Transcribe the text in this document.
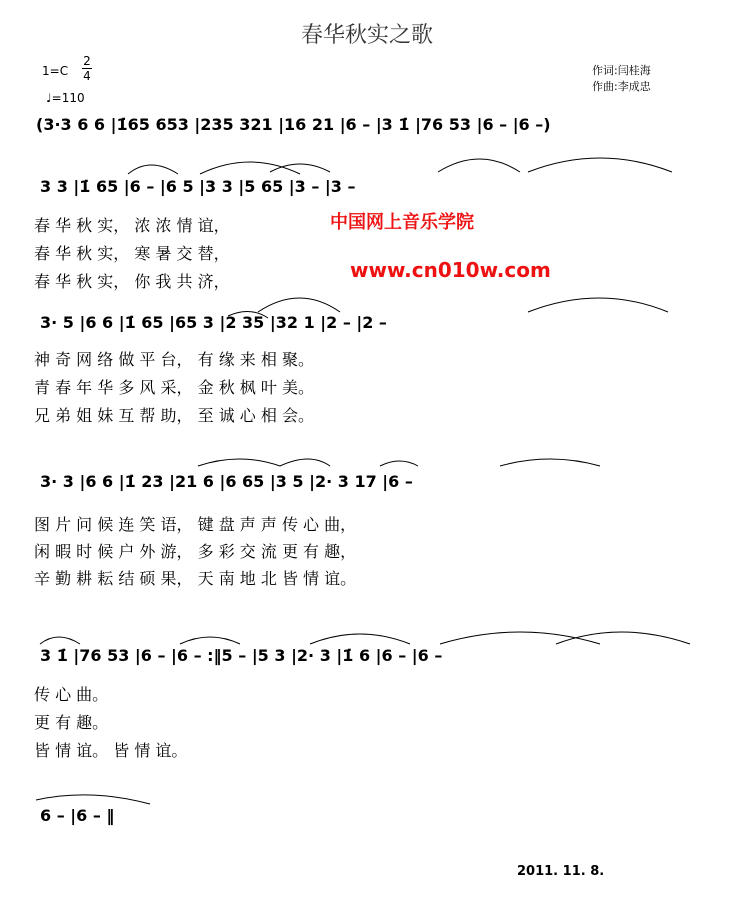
春华秋实之歌
作词:闫桂海
作曲:李成忠
$1=C \frac{2}{4}$
♩=110
(3·3 6 6 |1̇65 653 |235 321 |16 21 |6 – |3 1̇ |76 53 |6 – |6 –)
3 3 |1̇ 65 |6 – |6 5 |3 3 |5 65 |3 – |3 –
春 华 秋 实， 浓 浓 情 谊，
春 华 秋 实， 寒 暑 交 替，
春 华 秋 实， 你 我 共 济，
3· 5 |6 6 |1̇ 65 |65 3 |2 35 |32 1 |2 – |2 –
神 奇 网 络 做 平 台， 有 缘 来 相 聚。
青 春 年 华 多 风 采， 金 秋 枫 叶 美。
兄 弟 姐 妹 互 帮 助， 至 诚 心 相 会。
3· 3 |6 6 |1̇ 23 |21 6 |6 65 |3 5 |2· 3 17 |6 –
图 片 问 候 连 笑 语， 键 盘 声 声 传 心 曲，
闲 暇 时 候 户 外 游， 多 彩 交 流 更 有 趣，
辛 勤 耕 耘 结 硕 果， 天 南 地 北 皆 情 谊。
3 1̇ |76 53 |6 – |6 – :‖5 – |5 3 |2· 3 |1̇ 6 |6 – |6 –
传 心 曲。
更 有 趣。
皆 情 谊。 皆 情 谊。
6 – |6 – ‖
中国网上音乐学院
www.cn010w.com
2011. 11. 8.
